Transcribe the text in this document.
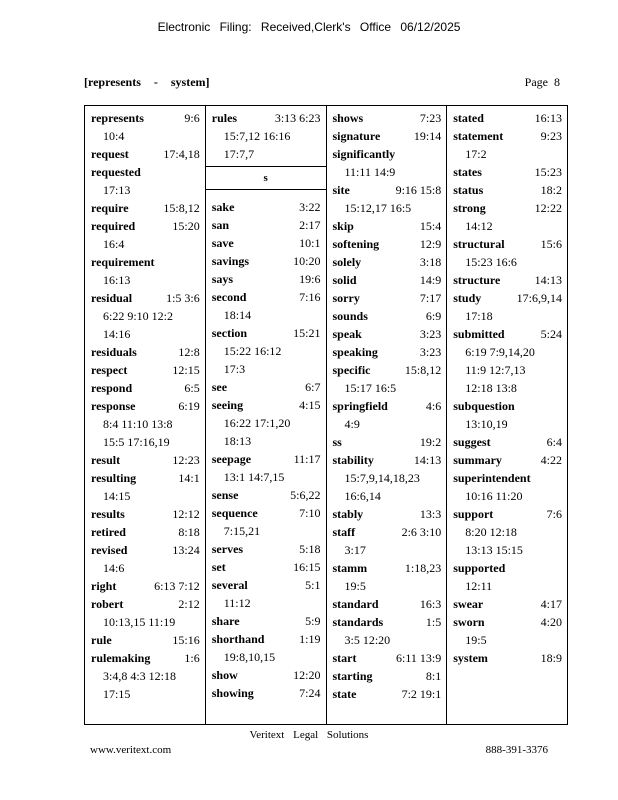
Electronic Filing: Received,Clerk's Office 06/12/2025
[represents - system]	Page 8
represents	9:6
10:4
request	17:4,18
requested
17:13
require	15:8,12
required	15:20
16:4
requirement
16:13
residual	1:5 3:6
6:22 9:10 12:2
14:16
residuals	12:8
respect	12:15
respond	6:5
response	6:19
8:4 11:10 13:8
15:5 17:16,19
result	12:23
resulting	14:1
14:15
results	12:12
retired	8:18
revised	13:24
14:6
right	6:13 7:12
robert	2:12
10:13,15 11:19
rule	15:16
rulemaking	1:6
3:4,8 4:3 12:18
17:15
rules	3:13 6:23
15:7,12 16:16
17:7,7
s
sake	3:22
san	2:17
save	10:1
savings	10:20
says	19:6
second	7:16
18:14
section	15:21
15:22 16:12
17:3
see	6:7
seeing	4:15
16:22 17:1,20
18:13
seepage	11:17
13:1 14:7,15
sense	5:6,22
sequence	7:10
7:15,21
serves	5:18
set	16:15
several	5:1
11:12
share	5:9
shorthand	1:19
19:8,10,15
show	12:20
showing	7:24
shows	7:23
signature	19:14
significantly
11:11 14:9
site	9:16 15:8
15:12,17 16:5
skip	15:4
softening	12:9
solely	3:18
solid	14:9
sorry	7:17
sounds	6:9
speak	3:23
speaking	3:23
specific	15:8,12
15:17 16:5
springfield	4:6
4:9
ss	19:2
stability	14:13
15:7,9,14,18,23
16:6,14
stably	13:3
staff	2:6 3:10
3:17
stamm	1:18,23
19:5
standard	16:3
standards	1:5
3:5 12:20
start	6:11 13:9
starting	8:1
state	7:2 19:1
stated	16:13
statement	9:23
17:2
states	15:23
status	18:2
strong	12:22
14:12
structural	15:6
15:23 16:6
structure	14:13
study	17:6,9,14
17:18
submitted	5:24
6:19 7:9,14,20
11:9 12:7,13
12:18 13:8
subquestion
13:10,19
suggest	6:4
summary	4:22
superintendent
10:16 11:20
support	7:6
8:20 12:18
13:13 15:15
supported
12:11
swear	4:17
sworn	4:20
19:5
system	18:9
Veritext Legal Solutions
www.veritext.com	888-391-3376
